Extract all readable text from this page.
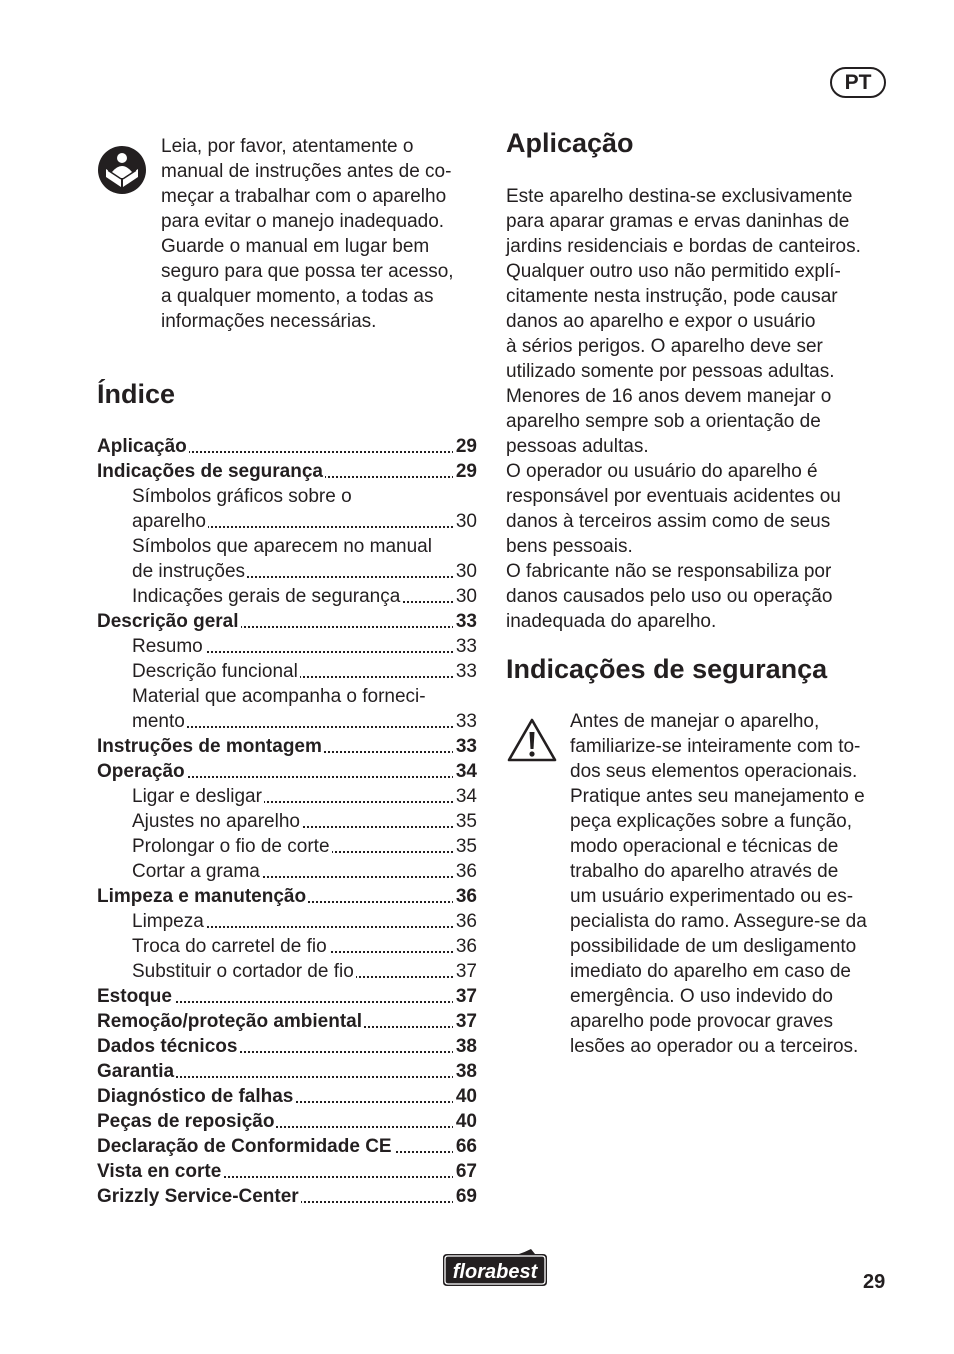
PT
Leia, por favor, atentamente o
manual de instruções antes de co-
meçar a trabalhar com o aparelho
para evitar o manejo inadequado.
Guarde o manual em lugar bem
seguro para que possa ter acesso,
a qualquer momento, a todas as
informações necessárias.
Índice
Aplicação	29
Indicações de segurança	29
Símbolos gráficos sobre o
aparelho	30
Símbolos que aparecem no manual
de instruções	30
Indicações gerais de segurança	30
Descrição geral	33
Resumo	33
Descrição funcional	33
Material que acompanha o forneci-
mento	33
Instruções de montagem	33
Operação	34
Ligar e desligar	34
Ajustes no aparelho	35
Prolongar o fio de corte	35
Cortar a grama	36
Limpeza e manutenção	36
Limpeza	36
Troca do carretel de fio	36
Substituir o cortador de fio	37
Estoque	37
Remoção/proteção ambiental	37
Dados técnicos	38
Garantia	38
Diagnóstico de falhas	40
Peças de reposição	40
Declaração de Conformidade CE	66
Vista en corte	67
Grizzly Service-Center	69
Aplicação
Este aparelho destina-se exclusivamente
para aparar gramas e ervas daninhas de
jardins residenciais e bordas de canteiros.
Qualquer outro uso não permitido explí-
citamente nesta instrução, pode causar
danos ao aparelho e expor o usuário
à sérios perigos. O aparelho deve ser
utilizado somente por pessoas adultas.
Menores de 16 anos devem manejar o
aparelho sempre sob a orientação de
pessoas adultas.
O operador ou usuário do aparelho é
responsável por eventuais acidentes ou
danos à terceiros assim como de seus
bens pessoais.
O fabricante não se responsabiliza por
danos causados pelo uso ou operação
inadequada do aparelho.
Indicações de segurança
Antes de manejar o aparelho,
familiarize-se inteiramente com to-
dos seus elementos operacionais.
Pratique antes seu manejamento e
peça explicações sobre a função,
modo operacional e técnicas de
trabalho do aparelho através de
um usuário experimentado ou es-
pecialista do ramo. Assegure-se da
possibilidade de um desligamento
imediato do aparelho em caso de
emergência. O uso indevido do
aparelho pode provocar graves
lesões ao operador ou a terceiros.
florabest	29
